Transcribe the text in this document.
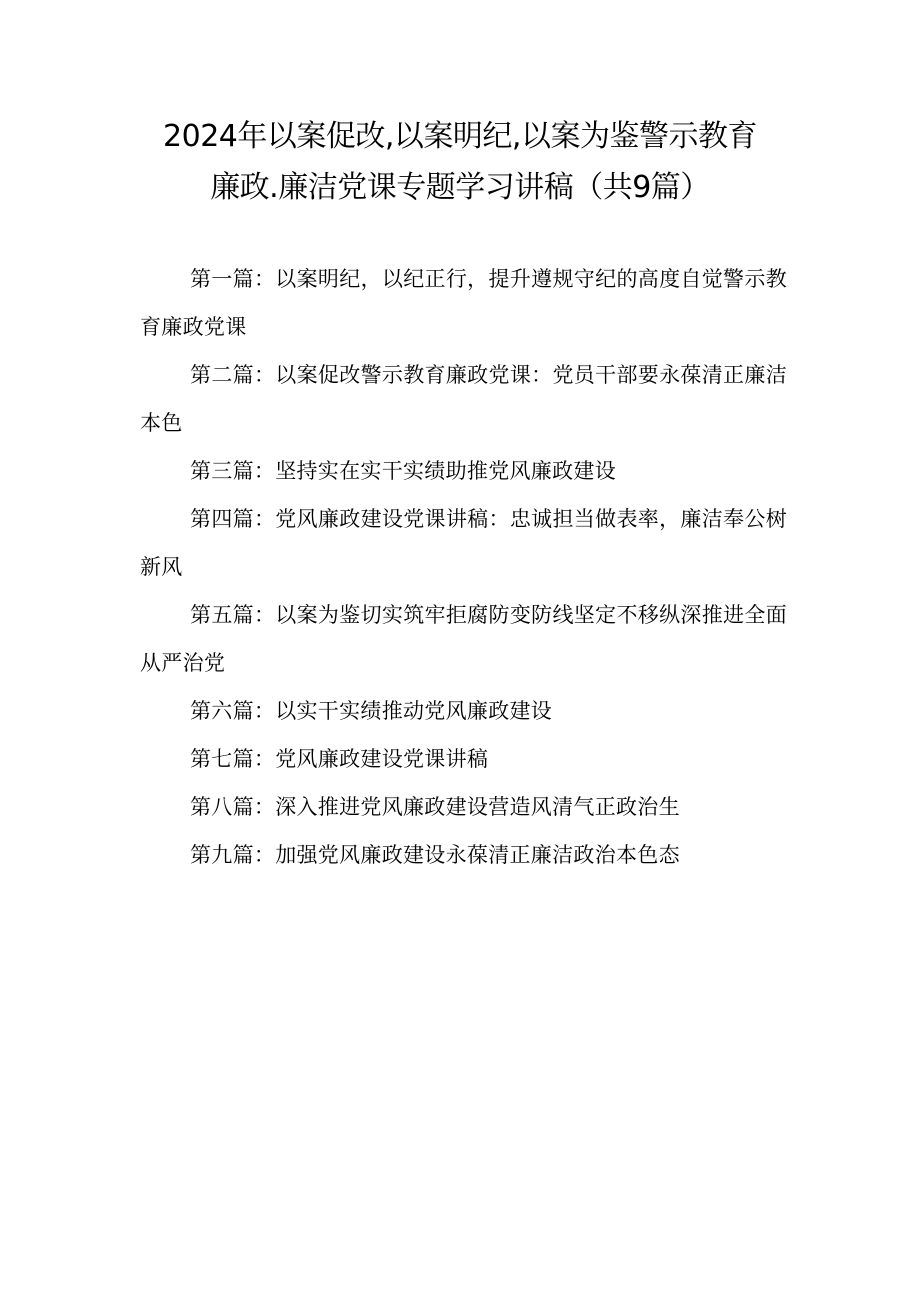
2024年以案促改,以案明纪,以案为鉴警示教育
廉政.廉洁党课专题学习讲稿（共9篇）

第一篇：以案明纪，以纪正行，提升遵规守纪的高度自觉警示教育廉政党课

第二篇：以案促改警示教育廉政党课：党员干部要永葆清正廉洁本色

第三篇：坚持实在实干实绩助推党风廉政建设

第四篇：党风廉政建设党课讲稿：忠诚担当做表率，廉洁奉公树新风

第五篇：以案为鉴切实筑牢拒腐防变防线坚定不移纵深推进全面从严治党

第六篇：以实干实绩推动党风廉政建设

第七篇：党风廉政建设党课讲稿

第八篇：深入推进党风廉政建设营造风清气正政治生

第九篇：加强党风廉政建设永葆清正廉洁政治本色态
